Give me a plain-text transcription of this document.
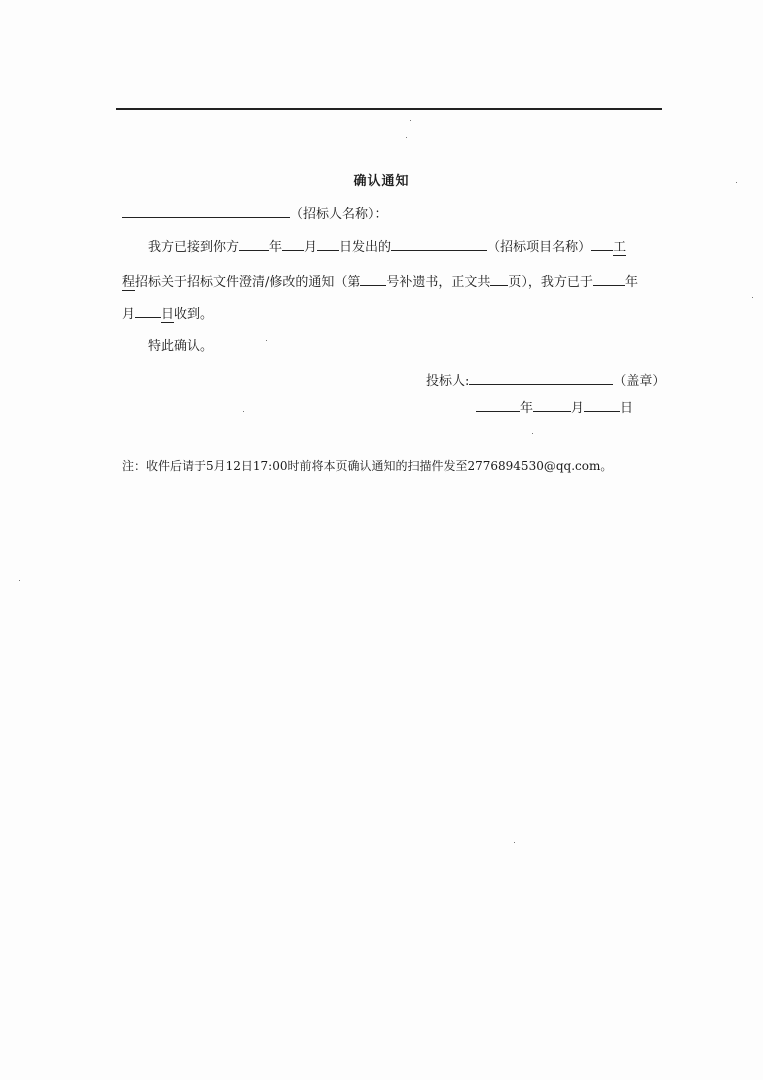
确认通知
（招标人名称）：
我方已接到你方 年 月 日发出的	（招标项目名称） 工
程招标关于招标文件澄清/修改的通知（第 号补遗书，正文共 页），我方已于 年
月 日收到。
特此确认。
投标人:	（盖章）
年	月	日
注：收件后请于5月12日17:00时前将本页确认通知的扫描件发至2776894530@qq.com。
